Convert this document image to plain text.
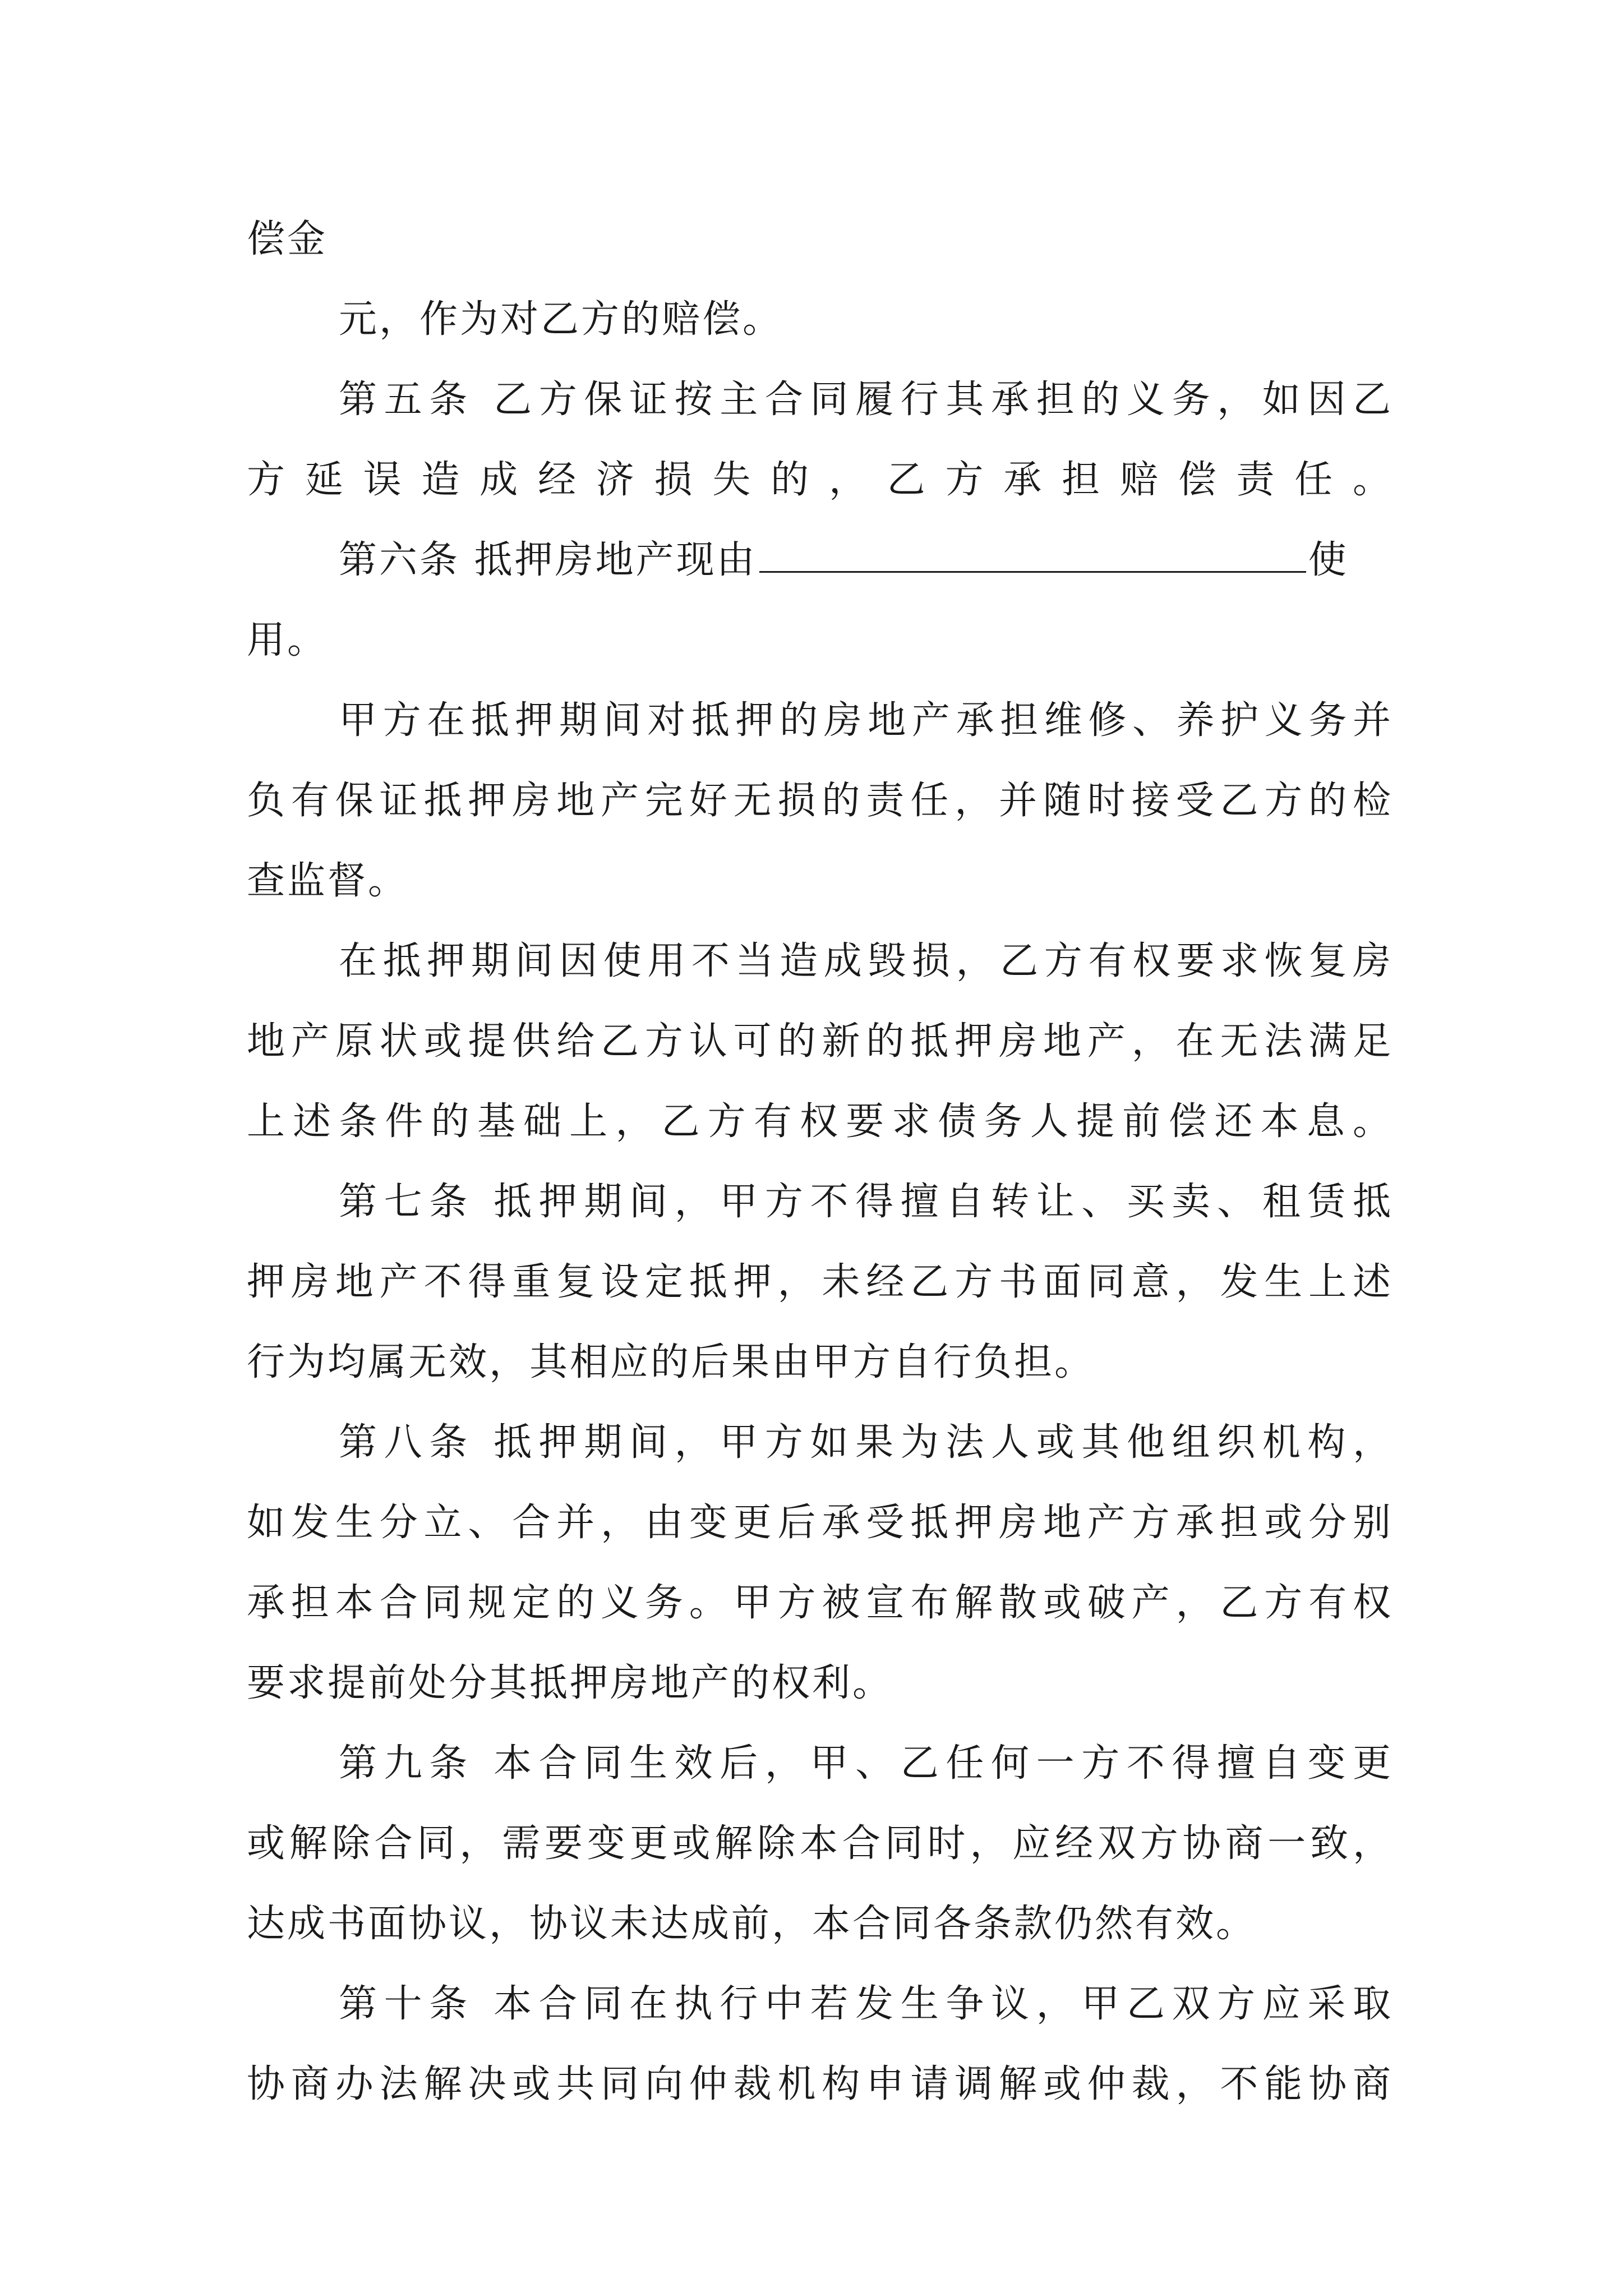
偿金
元，作为对乙方的赔偿。
第五条 乙方保证按主合同履行其承担的义务，如因乙
方延误造成经济损失的，乙方承担赔偿责任。
第六条 抵押房地产现由	使
用。
甲方在抵押期间对抵押的房地产承担维修、养护义务并
负有保证抵押房地产完好无损的责任，并随时接受乙方的检
查监督。
在抵押期间因使用不当造成毁损，乙方有权要求恢复房
地产原状或提供给乙方认可的新的抵押房地产，在无法满足
上述条件的基础上，乙方有权要求债务人提前偿还本息。
第七条 抵押期间，甲方不得擅自转让、买卖、租赁抵
押房地产不得重复设定抵押，未经乙方书面同意，发生上述
行为均属无效，其相应的后果由甲方自行负担。
第八条 抵押期间，甲方如果为法人或其他组织机构，
如发生分立、合并，由变更后承受抵押房地产方承担或分别
承担本合同规定的义务。甲方被宣布解散或破产，乙方有权
要求提前处分其抵押房地产的权利。
第九条 本合同生效后，甲、乙任何一方不得擅自变更
或解除合同，需要变更或解除本合同时，应经双方协商一致，
达成书面协议，协议未达成前，本合同各条款仍然有效。
第十条 本合同在执行中若发生争议，甲乙双方应采取
协商办法解决或共同向仲裁机构申请调解或仲裁，不能协商
